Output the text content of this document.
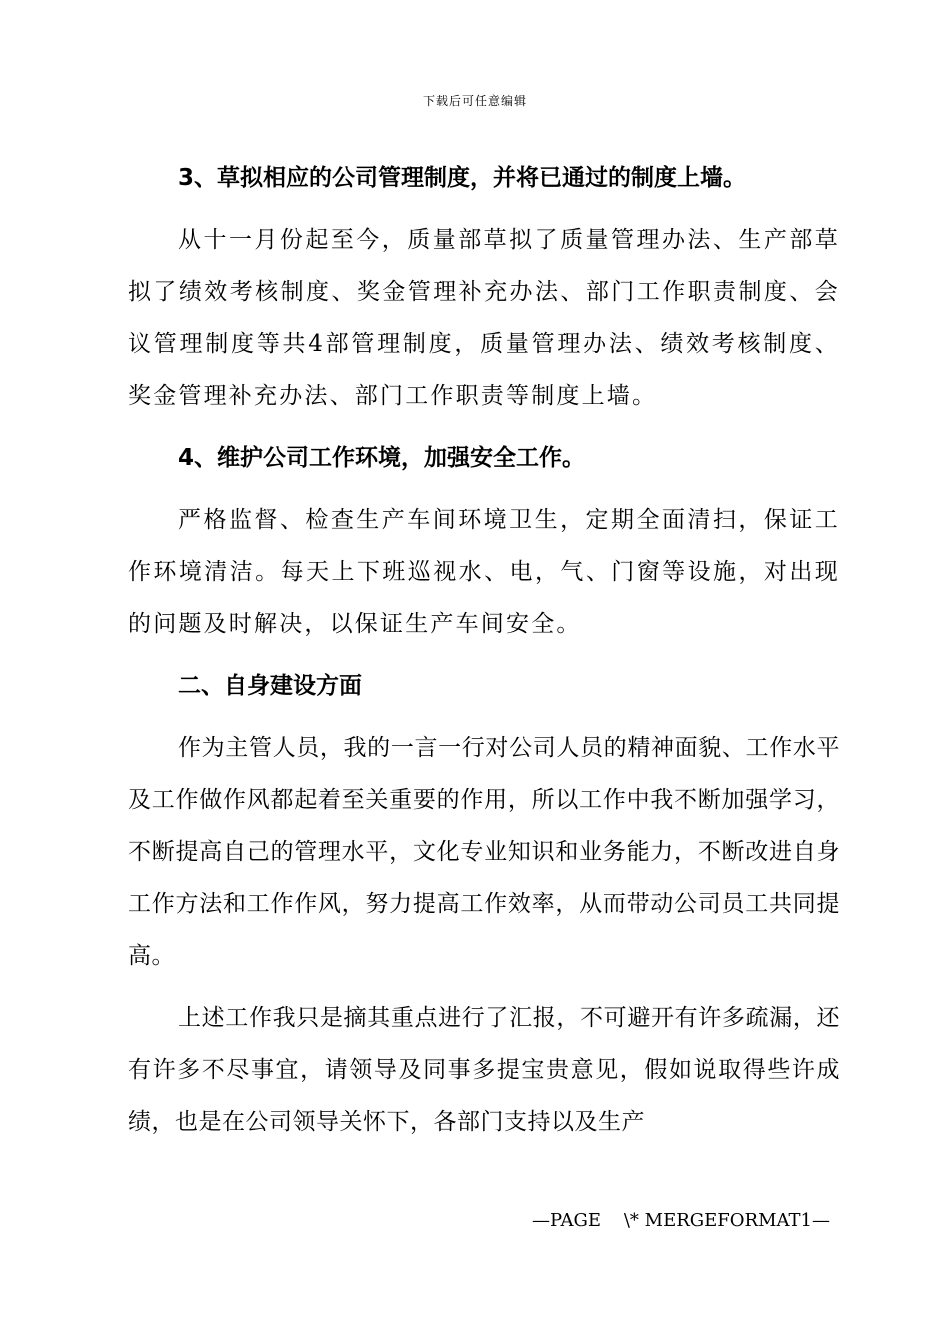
下载后可任意编辑
3、草拟相应的公司管理制度，并将已通过的制度上墙。
从十一月份起至今，质量部草拟了质量管理办法、生产部草拟了绩效考核制度、奖金管理补充办法、部门工作职责制度、会议管理制度等共4部管理制度，质量管理办法、绩效考核制度、奖金管理补充办法、部门工作职责等制度上墙。
4、维护公司工作环境，加强安全工作。
严格监督、检查生产车间环境卫生，定期全面清扫，保证工作环境清洁。每天上下班巡视水、电，气、门窗等设施，对出现的问题及时解决，以保证生产车间安全。
二、自身建设方面
作为主管人员，我的一言一行对公司人员的精神面貌、工作水平及工作做作风都起着至关重要的作用，所以工作中我不断加强学习，不断提高自己的管理水平，文化专业知识和业务能力，不断改进自身工作方法和工作作风，努力提高工作效率，从而带动公司员工共同提高。
上述工作我只是摘其重点进行了汇报，不可避开有许多疏漏，还有许多不尽事宜，请领导及同事多提宝贵意见，假如说取得些许成绩，也是在公司领导关怀下，各部门支持以及生产
—PAGE    \* MERGEFORMAT1—
